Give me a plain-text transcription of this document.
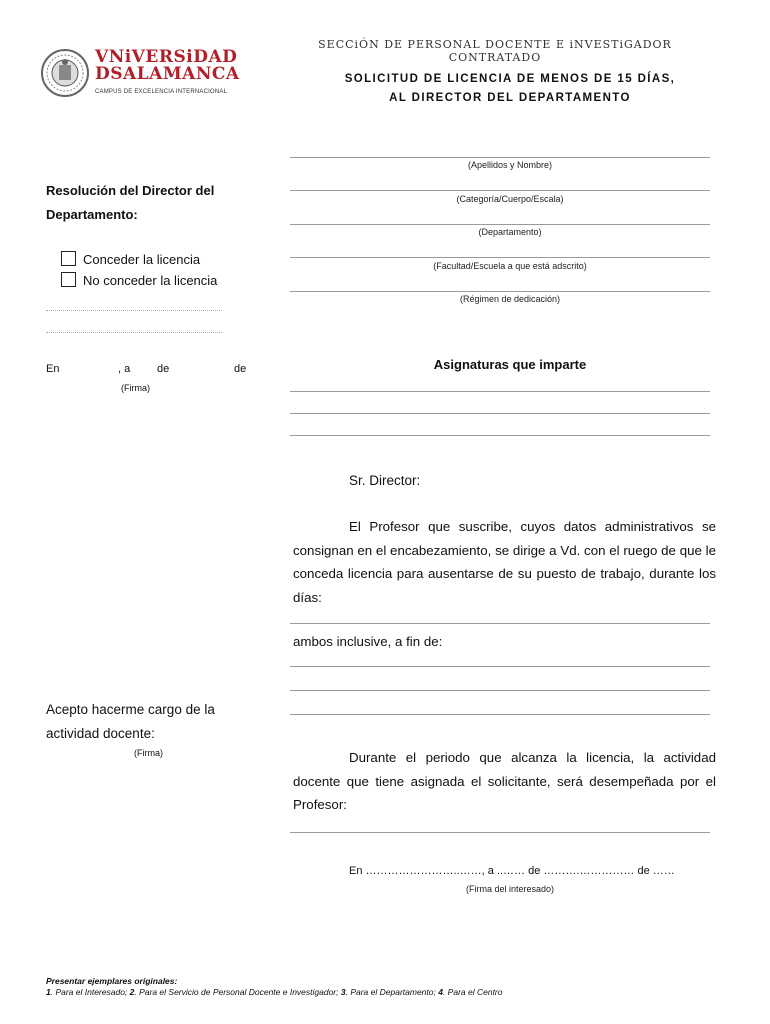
VNiVERSiDAD
DSALAMANCA
CAMPUS DE EXCELENCIA INTERNACIONAL
SECCiÓN DE PERSONAL DOCENTE E iNVESTiGADOR CONTRATADO
SOLICITUD DE LICENCIA DE MENOS DE 15 DÍAS,
AL DIRECTOR DEL DEPARTAMENTO
(Apellidos y Nombre)
(Categoría/Cuerpo/Escala)
(Departamento)
(Facultad/Escuela a que está adscrito)
(Régimen de dedicación)
Resolución del Director del
Departamento:
Conceder la licencia
No conceder la licencia
En	, a de	de
(Firma)
Asignaturas que imparte
Sr. Director:
El Profesor que suscribe, cuyos datos administrativos se consignan en el encabezamiento, se dirige a Vd. con el ruego de que le conceda licencia para ausentarse de su puesto de trabajo, durante los días:
ambos inclusive, a fin de:
Durante el periodo que alcanza la licencia, la actividad docente que tiene asignada el solicitante, será desempeñada por el Profesor:
En ……………………..……, a ..…… de ……….…………… de ……
(Firma del interesado)
Acepto hacerme cargo de la
actividad docente:
(Firma)
Presentar ejemplares originales:
1. Para el Interesado; 2. Para el Servicio de Personal Docente e Investigador; 3. Para el Departamento; 4. Para el Centro
